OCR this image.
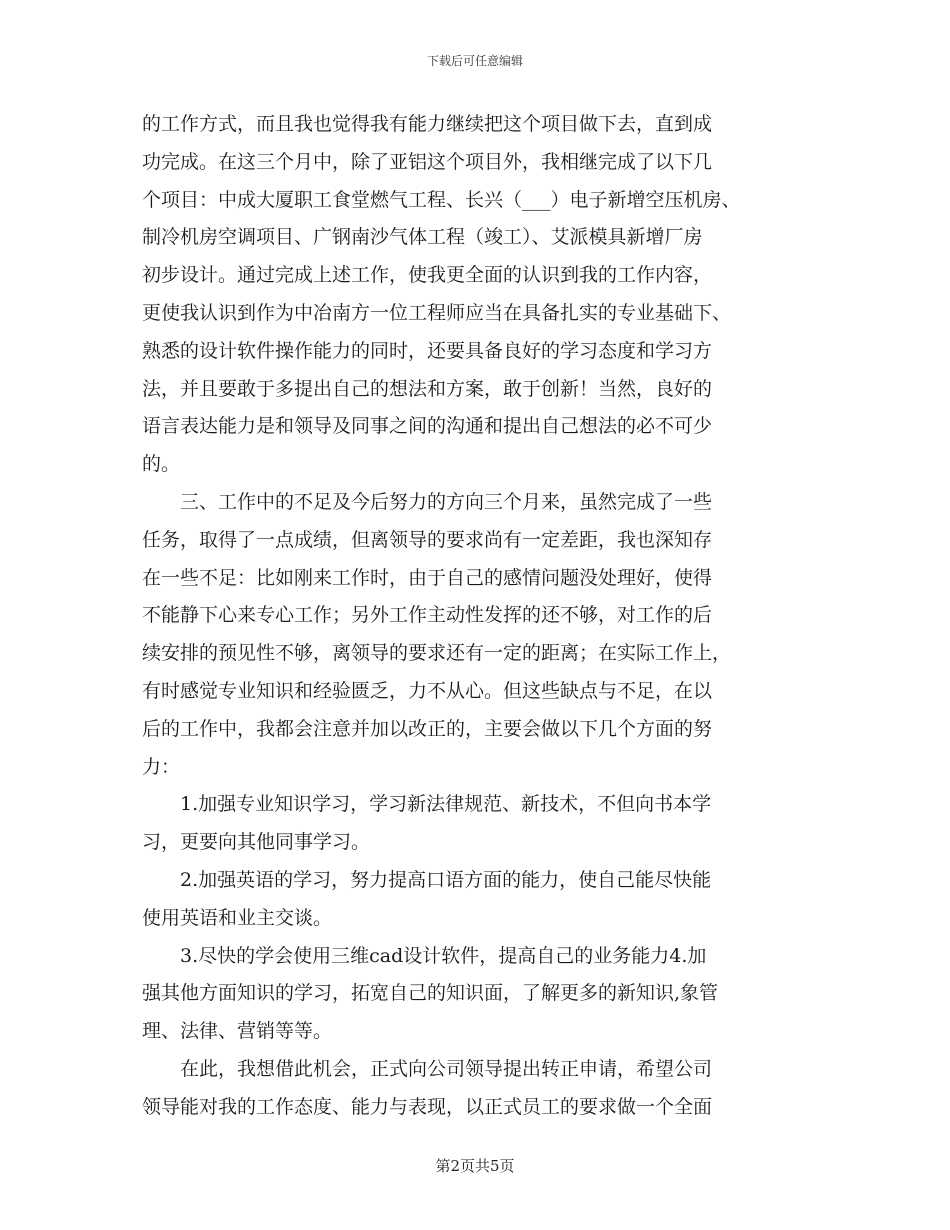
下载后可任意编辑
的工作方式，而且我也觉得我有能力继续把这个项目做下去，直到成
功完成。在这三个月中，除了亚铝这个项目外，我相继完成了以下几
个项目：中成大厦职工食堂燃气工程、长兴（___）电子新增空压机房、
制冷机房空调项目、广钢南沙气体工程（竣工）、艾派模具新增厂房
初步设计。通过完成上述工作，使我更全面的认识到我的工作内容，
更使我认识到作为中冶南方一位工程师应当在具备扎实的专业基础下、
熟悉的设计软件操作能力的同时，还要具备良好的学习态度和学习方
法，并且要敢于多提出自己的想法和方案，敢于创新！当然，良好的
语言表达能力是和领导及同事之间的沟通和提出自己想法的必不可少
的。
　　三、工作中的不足及今后努力的方向三个月来，虽然完成了一些
任务，取得了一点成绩，但离领导的要求尚有一定差距，我也深知存
在一些不足：比如刚来工作时，由于自己的感情问题没处理好，使得
不能静下心来专心工作；另外工作主动性发挥的还不够，对工作的后
续安排的预见性不够，离领导的要求还有一定的距离；在实际工作上，
有时感觉专业知识和经验匮乏，力不从心。但这些缺点与不足，在以
后的工作中，我都会注意并加以改正的，主要会做以下几个方面的努
力：
　　1.加强专业知识学习，学习新法律规范、新技术，不但向书本学
习，更要向其他同事学习。
　　2.加强英语的学习，努力提高口语方面的能力，使自己能尽快能
使用英语和业主交谈。
　　3.尽快的学会使用三维cad设计软件，提高自己的业务能力4.加
强其他方面知识的学习，拓宽自己的知识面，了解更多的新知识,象管
理、法律、营销等等。
　　在此，我想借此机会，正式向公司领导提出转正申请，希望公司
领导能对我的工作态度、能力与表现，以正式员工的要求做一个全面
第2页共5页
